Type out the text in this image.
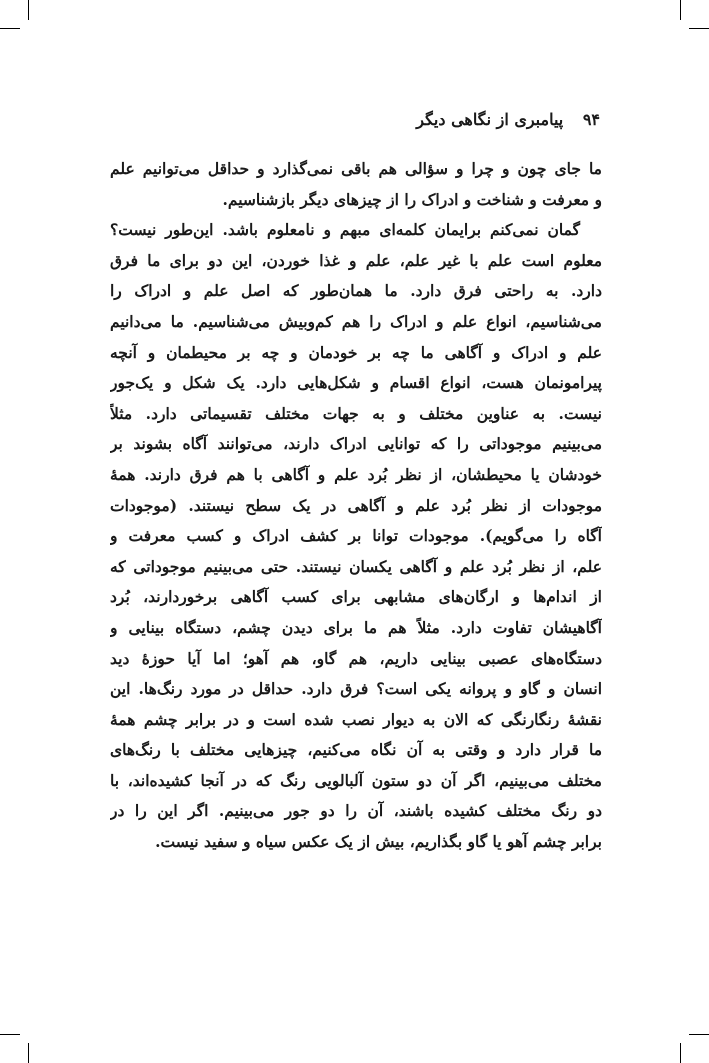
۹۴ پیامبری از نگاهی دیگر
ما جای چون و چرا و سؤالی هم باقی نمی‌گذارد و حداقل می‌توانیم علم
و معرفت و شناخت و ادراک را از چیزهای دیگر بازشناسیم.
گمان نمی‌کنم برایمان کلمه‌ای مبهم و نامعلوم باشد. این‌طور نیست؟
معلوم است علم با غیر علم، علم و غذا خوردن، این دو برای ما فرق
دارد. به راحتی فرق دارد. ما همان‌طور که اصل علم و ادراک را
می‌شناسیم، انواع علم و ادراک را هم کم‌وبیش می‌شناسیم. ما می‌دانیم
علم و ادراک و آگاهی ما چه بر خودمان و چه بر محیطمان و آنچه
پیرامونمان هست، انواع اقسام و شکل‌هایی دارد. یک شکل و یک‌جور
نیست. به عناوین مختلف و به جهات مختلف تقسیماتی دارد. مثلاً
می‌بینیم موجوداتی را که توانایی ادراک دارند، می‌توانند آگاه بشوند بر
خودشان یا محیطشان، از نظر بُرد علم و آگاهی با هم فرق دارند. همهٔ
موجودات از نظر بُرد علم و آگاهی در یک سطح نیستند. (موجودات
آگاه را می‌گویم). موجودات توانا بر کشف ادراک و کسب معرفت و
علم، از نظر بُرد علم و آگاهی یکسان نیستند. حتی می‌بینیم موجوداتی که
از اندام‌ها و ارگان‌های مشابهی برای کسب آگاهی برخوردارند، بُرد
آگاهیشان تفاوت دارد. مثلاً هم ما برای دیدن چشم، دستگاه بینایی و
دستگاه‌های عصبی بینایی داریم، هم گاو، هم آهو؛ اما آیا حوزهٔ دید
انسان و گاو و پروانه یکی است؟ فرق دارد. حداقل در مورد رنگ‌ها. این
نقشهٔ رنگارنگی که الان به دیوار نصب شده است و در برابر چشم همهٔ
ما قرار دارد و وقتی به آن نگاه می‌کنیم، چیزهایی مختلف با رنگ‌های
مختلف می‌بینیم، اگر آن دو ستون آلبالویی رنگ که در آنجا کشیده‌اند، با
دو رنگ مختلف کشیده باشند، آن را دو جور می‌بینیم. اگر این را در
برابر چشم آهو یا گاو بگذاریم، بیش از یک عکس سیاه و سفید نیست.
